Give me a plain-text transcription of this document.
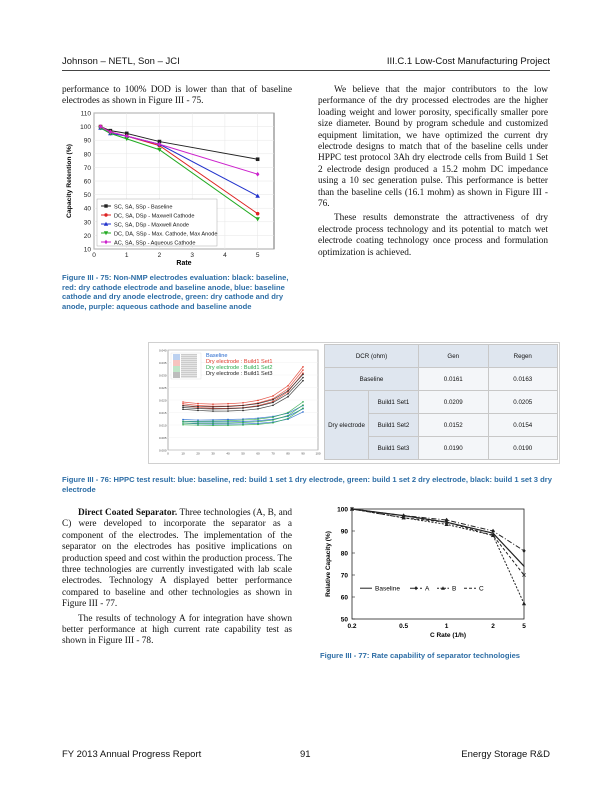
Johnson – NETL, Son – JCI	III.C.1 Low-Cost Manufacturing Project

performance to 100% DOD is lower than that of baseline electrodes as shown in Figure III - 75.

10
20
30
40
50
60
70
80
90
100
110
0	1	2	3	4	5
Rate
Capacity Retention (%)	SC, SA, SSp - Baseline
DC, SA, DSp - Maxwell Cathode
SC, SA, DSp - Maxwell Anode
DC, DA, SSp - Max. Cathode, Max Anode
AC, SA, SSp - Aqueous Cathode
Figure III - 75: Non-NMP electrodes evaluation: black: baseline, red: dry cathode electrode and baseline anode, blue: baseline cathode and dry anode electrode, green: dry cathode and dry anode, purple: aqueous cathode and baseline anode

We believe that the major contributors to the low performance of the dry processed electrodes are the higher loading weight and lower porosity, specifically smaller pore size diameter. Bound by program schedule and customized equipment limitation, we have optimized the current dry electrode designs to match that of the baseline cells under HPPC test protocol 3Ah dry electrode cells from Build 1 Set 2 electrode design produced a 15.2 mohm DC impedance using a 10 sec generation pulse. This performance is better than the baseline cells (16.1 mohm) as shown in Figure III - 76.

These results demonstrate the attractiveness of dry electrode process technology and its potential to match wet electrode coating technology once process and formulation optimization is achieved.

0.000
0.005
0.010
0.015
0.020
0.025
0.030
0.035
0.040
0	10	20	30	40	50	60	70	80	90	100
Baseline
Dry electrode : Build1 Set1
Dry electrode : Build1 Set2
Dry electrode : Build1 Set3
DCR (ohm)		Gen	Regen
Baseline		0.0161	0.0163
Dry electrode	Build1 Set1	0.0209	0.0205
	Build1 Set2	0.0152	0.0154
	Build1 Set3	0.0190	0.0190
Figure III - 76: HPPC test result: blue: baseline, red: build 1 set 1 dry electrode, green: build 1 set 2 dry electrode, black: build 1 set 3 dry electrode

Direct Coated Separator. Three technologies (A, B, and C) were developed to incorporate the separator as a component of the electrodes. The implementation of the separator on the electrodes has positive implications on production speed and cost within the production process. The three technologies are currently investigated with lab scale electrodes. Technology A displayed better performance compared to baseline and other technologies as shown in Figure III - 77.

The results of technology A for integration have shown better performance at high current rate capability test as shown in Figure III - 78.

50
60
70
80
90
100
0.2	0.5	1	2	5
C Rate (1/h)
Relative Capacity (%)	Baseline	A	B	C
Figure III - 77: Rate capability of separator technologies
FY 2013 Annual Progress Report	91	Energy Storage R&D
